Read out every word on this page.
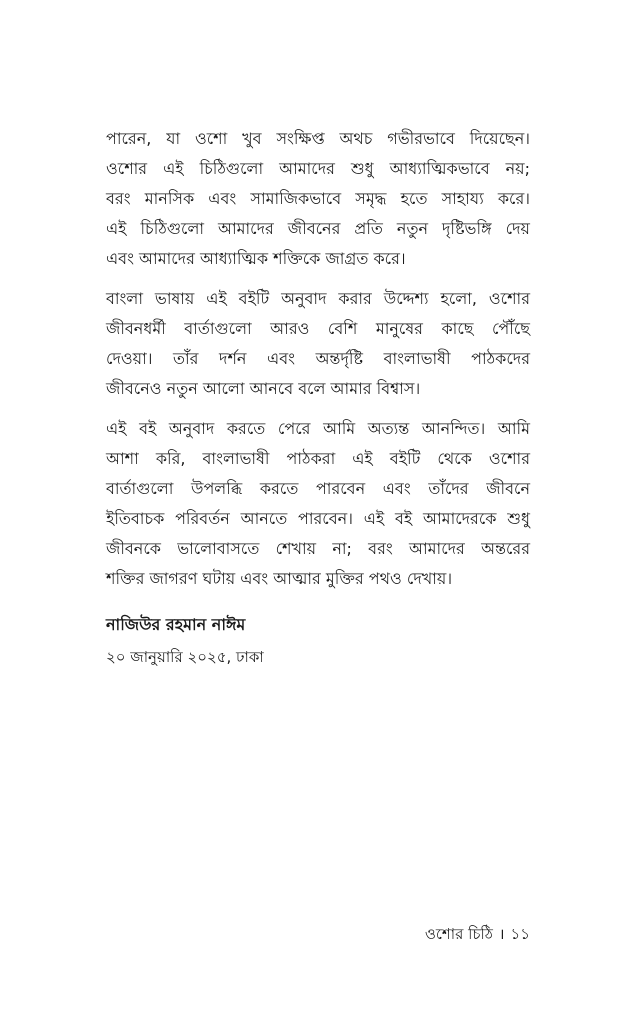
পারেন, যা ওশো খুব সংক্ষিপ্ত অথচ গভীরভাবে দিয়েছেন।
ওশোর এই চিঠিগুলো আমাদের শুধু আধ্যাত্মিকভাবে নয়;
বরং মানসিক এবং সামাজিকভাবে সমৃদ্ধ হতে সাহায্য করে।
এই চিঠিগুলো আমাদের জীবনের প্রতি নতুন দৃষ্টিভঙ্গি দেয়
এবং আমাদের আধ্যাত্মিক শক্তিকে জাগ্রত করে।

বাংলা ভাষায় এই বইটি অনুবাদ করার উদ্দেশ্য হলো, ওশোর
জীবনধর্মী বার্তাগুলো আরও বেশি মানুষের কাছে পৌঁছে
দেওয়া। তাঁর দর্শন এবং অন্তর্দৃষ্টি বাংলাভাষী পাঠকদের
জীবনেও নতুন আলো আনবে বলে আমার বিশ্বাস।

এই বই অনুবাদ করতে পেরে আমি অত্যন্ত আনন্দিত। আমি
আশা করি, বাংলাভাষী পাঠকরা এই বইটি থেকে ওশোর
বার্তাগুলো উপলব্ধি করতে পারবেন এবং তাঁদের জীবনে
ইতিবাচক পরিবর্তন আনতে পারবেন। এই বই আমাদেরকে শুধু
জীবনকে ভালোবাসতে শেখায় না; বরং আমাদের অন্তরের
শক্তির জাগরণ ঘটায় এবং আত্মার মুক্তির পথও দেখায়।

নাজিউর রহমান নাঈম

২০ জানুয়ারি ২০২৫, ঢাকা

ওশোর চিঠি । ১১
